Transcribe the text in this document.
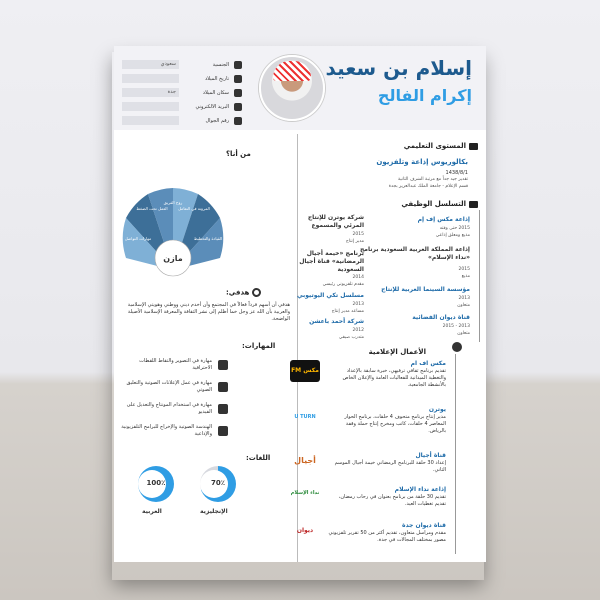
إسلام بن سعيد
إكرام الفالح
الجنسية
سعودي
تاريخ الميلاد
سكان الميلاد
جدة
البريد الالكتروني
رقم الجوال
المستوى التعليمي
بكالوريوس إذاعة وتلفزيون
1438/8/1
تقدير جيد جداً مع مرتبة الشرف الثانية
قسم الإعلام - جامعة الملك عبدالعزيز بجدة
التسلسل الوظيفي
إذاعة مكس إف إم
2015 حتى وقته
مذيع ومعلق إذاعي
إذاعة المملكة العربية السعودية برنامج «نداء الإسلام»
2015
مذيع
مؤسسة السينما العربية للإنتاج
2013
متعاون
قناة ديوان الفضائية
2013 - 2015
متعاون
شركة يوترن للإنتاج المرئي والمسموع
2015
مدير إنتاج
برنامج «خيمة أجيال الرمضانية» قناة أجيال السعودية
2014
مقدم تلفزيوني رئيسي
مسلسل تكي اليوتيوبي
2013
مساعد مدير إنتاج
شركة أحمد باعشن
2012
متدرب صيفي
الأعمال الإعلامية
مكس اف ام
تقديم برنامج ثقافي ترفيهي، خبرة سابقة بالإعداد والتغطية الميدانية للفعاليات العامة والإعلان الخاص بالأنشطة الجامعية.
مكس FM
يوترن
مدير إنتاج برنامج متحوف 4 حلقات، برنامج الحوار المعاصر 4 حلقات، كاتب ومخرج إنتاج حملة وقفة بالرياض.
U TURN
قناة أجيال
إعداد 30 حلقة للبرنامج الرمضاني خيمة أجيال الموسم الثاني.
أجيال
إذاعة نداء الإسلام
تقديم 30 حلقة من برنامج بعنوان في رحاب رمضان، تقديم تغطيات العيد.
نداء الإسلام
قناة ديوان جدة
مقدم ومراسل متعاون، تقديم أكثر من 50 تقرير تلفزيوني مصور بمختلف المجالات في جدة.
ديوان
من أنا؟
مازن
تنظيم الوقت وتحديد الأولويات
العمل تحت الضغط
روح الفريق
المرونة في التعامل
مهارات التواصل	القيادة والتخطيط
هدفي:
هدفي أن أسهم فرداً فعالاً في المجتمع وأن أخدم ديني ووطني وهويتي الإسلامية والعربية بأن الله عز وجل خما أظلم إلى نشر الثقافة والمعرفة الإسلامية الأصيلة الواضحة.
المهارات:
مهارة في التصوير والتقاط اللقطات الاحترافية
مهارة في عمل الإعلانات الصوتية والتعليق الصوتي
مهارة في استخدام المونتاج والتعديل على الفيديو
الهندسة الصوتية والإخراج للبرامج التلفزيونية والإذاعية
اللغات:
70٪
الإنجليزية
100٪
العربية
